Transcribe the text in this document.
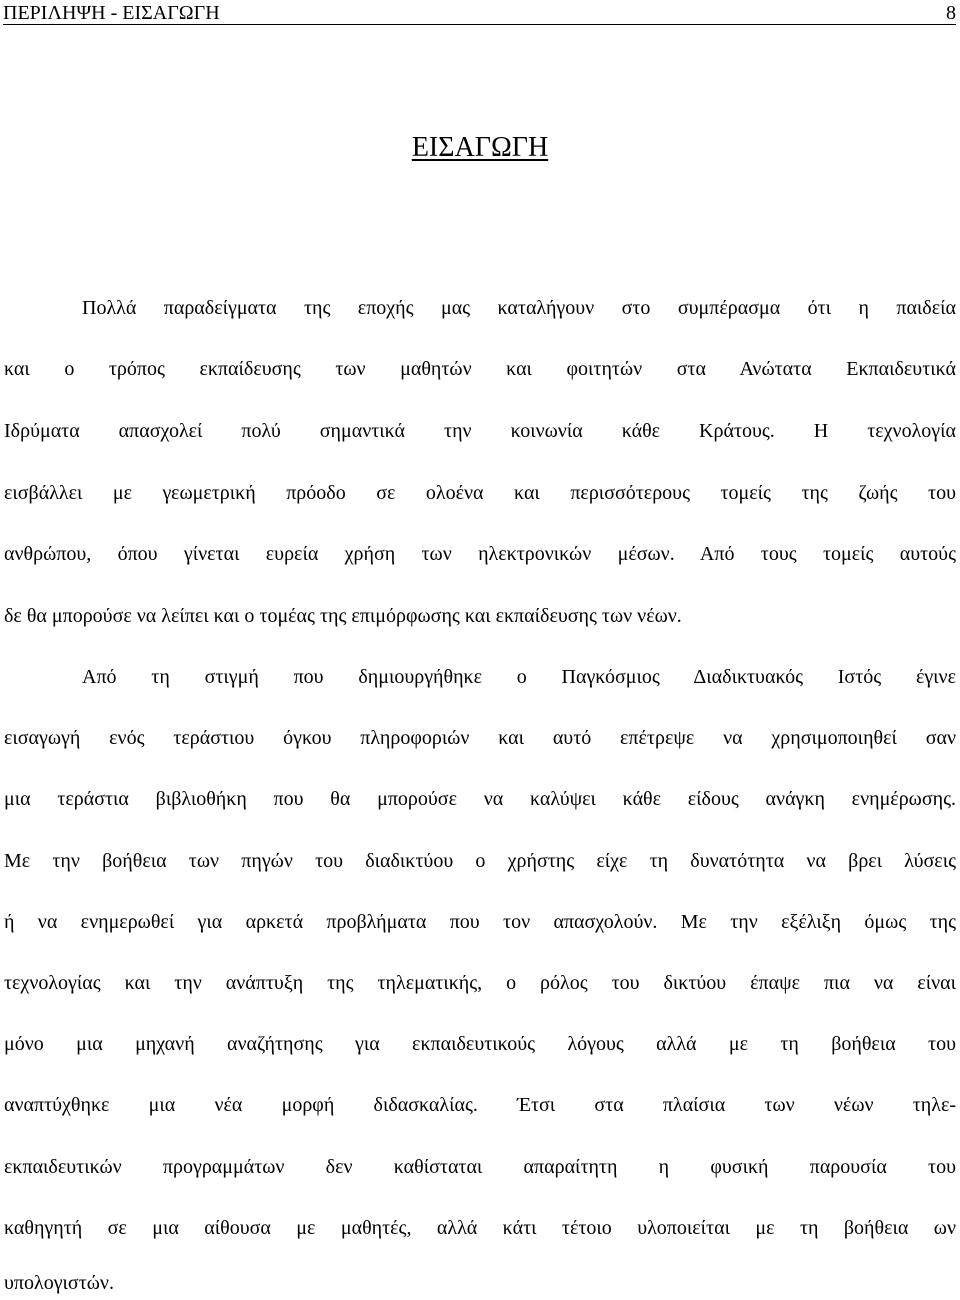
ΠΕΡΙΛΗΨΗ - ΕΙΣΑΓΩΓΗ	8
ΕΙΣΑΓΩΓΗ
Πολλά παραδείγματα της εποχής μας καταλήγουν στο συμπέρασμα ότι η παιδεία
και ο τρόπος εκπαίδευσης των μαθητών και φοιτητών στα Ανώτατα Εκπαιδευτικά
Ιδρύματα απασχολεί πολύ σημαντικά την κοινωνία κάθε Κράτους. Η τεχνολογία
εισβάλλει με γεωμετρική πρόοδο σε ολοένα και περισσότερους τομείς της ζωής του
ανθρώπου, όπου γίνεται ευρεία χρήση των ηλεκτρονικών μέσων. Από τους τομείς αυτούς
δε θα μπορούσε να λείπει και ο τομέας της επιμόρφωσης και εκπαίδευσης των νέων.
Από τη στιγμή που δημιουργήθηκε ο Παγκόσμιος Διαδικτυακός Ιστός έγινε
εισαγωγή ενός τεράστιου όγκου πληροφοριών και αυτό επέτρεψε να χρησιμοποιηθεί σαν
μια τεράστια βιβλιοθήκη που θα μπορούσε να καλύψει κάθε είδους ανάγκη ενημέρωσης.
Με την βοήθεια των πηγών του διαδικτύου ο χρήστης είχε τη δυνατότητα να βρει λύσεις
ή να ενημερωθεί για αρκετά προβλήματα που τον απασχολούν. Με την εξέλιξη όμως της
τεχνολογίας και την ανάπτυξη της τηλεματικής, ο ρόλος του δικτύου έπαψε πια να είναι
μόνο μια μηχανή αναζήτησης για εκπαιδευτικούς λόγους αλλά με τη βοήθεια του
αναπτύχθηκε μια νέα μορφή διδασκαλίας. Έτσι στα πλαίσια των νέων τηλε-
εκπαιδευτικών προγραμμάτων δεν καθίσταται απαραίτητη η φυσική παρουσία του
καθηγητή σε μια αίθουσα με μαθητές, αλλά κάτι τέτοιο υλοποιείται με τη βοήθεια ων
υπολογιστών.
